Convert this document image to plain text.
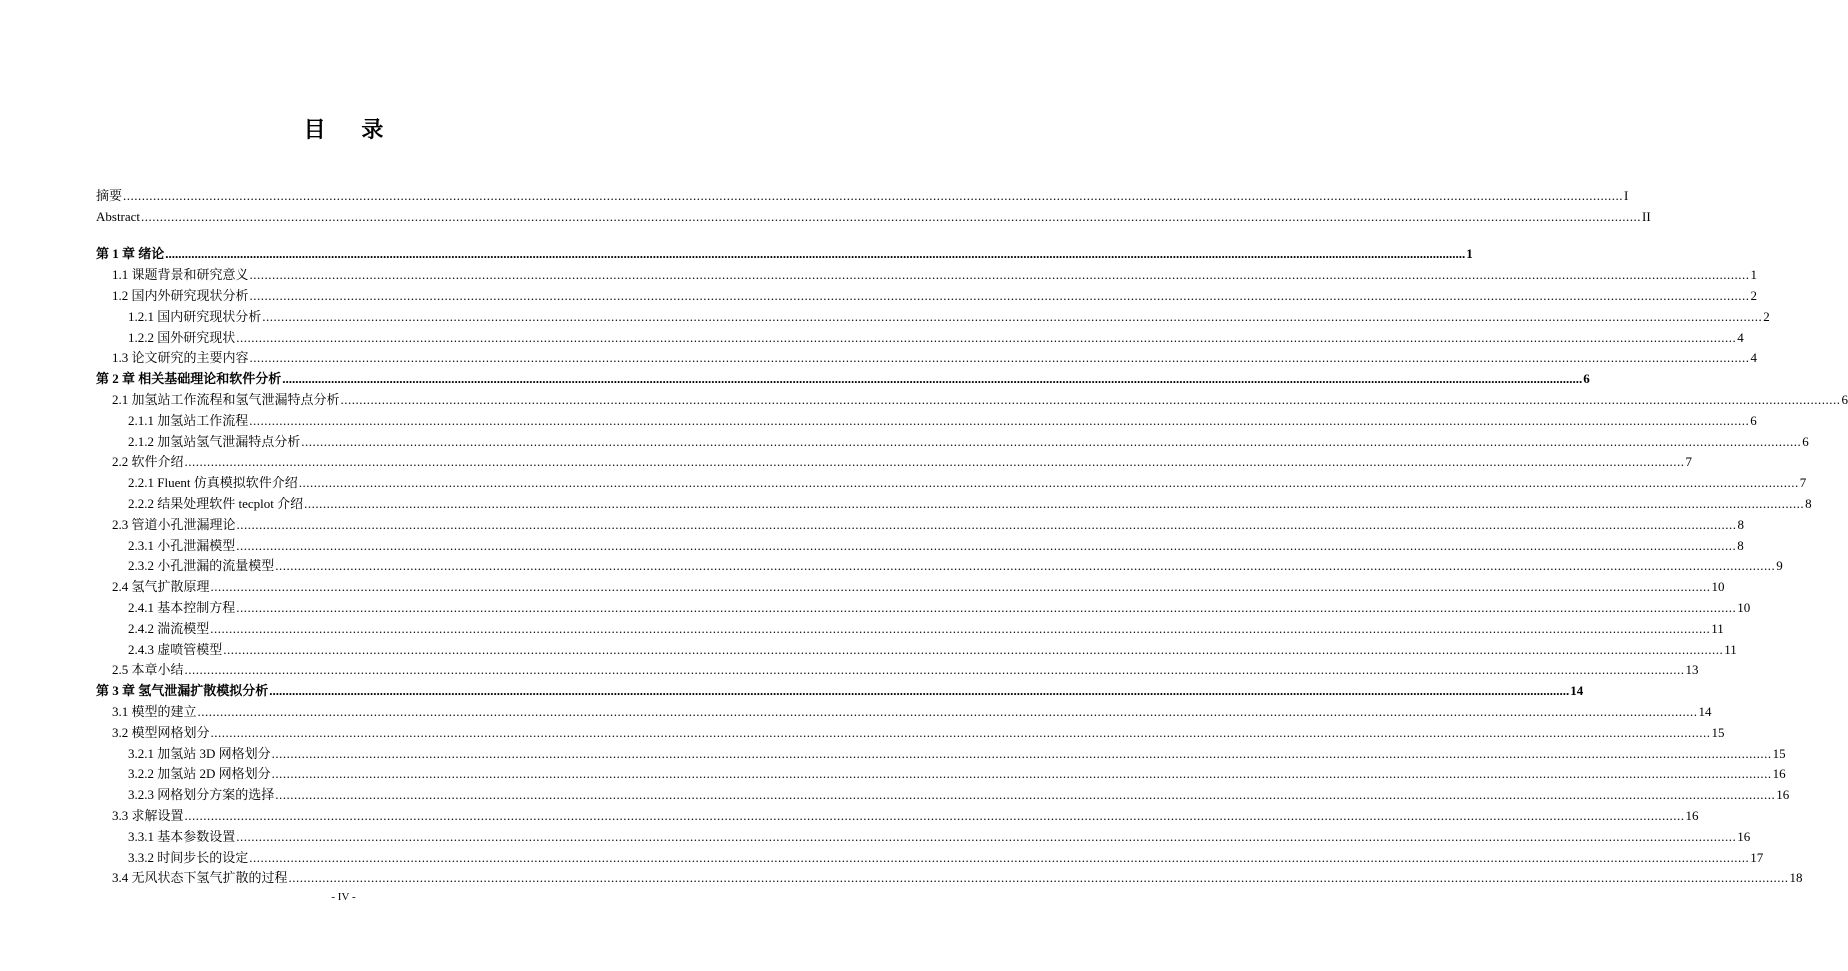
目 录
摘要 ................................................................................................................................................................................................................................................................................................................................................................................................................ I
Abstract ................................................................................................................................................................................................................................................................................................................................................................................................................ II
第 1 章 绪论 ................................................................................................................................................................................................................................................................................................................................................................................................................ 1
1.1 课题背景和研究意义 ................................................................................................................................................................................................................................................................................................................................................................................................................ 1
1.2 国内外研究现状分析 ................................................................................................................................................................................................................................................................................................................................................................................................................ 2
1.2.1 国内研究现状分析 ................................................................................................................................................................................................................................................................................................................................................................................................................ 2
1.2.2 国外研究现状 ................................................................................................................................................................................................................................................................................................................................................................................................................ 4
1.3 论文研究的主要内容 ................................................................................................................................................................................................................................................................................................................................................................................................................ 4
第 2 章 相关基础理论和软件分析 ................................................................................................................................................................................................................................................................................................................................................................................................................ 6
2.1 加氢站工作流程和氢气泄漏特点分析 ................................................................................................................................................................................................................................................................................................................................................................................................................ 6
2.1.1 加氢站工作流程 ................................................................................................................................................................................................................................................................................................................................................................................................................ 6
2.1.2 加氢站氢气泄漏特点分析 ................................................................................................................................................................................................................................................................................................................................................................................................................ 6
2.2 软件介绍 ................................................................................................................................................................................................................................................................................................................................................................................................................ 7
2.2.1 Fluent 仿真模拟软件介绍 ................................................................................................................................................................................................................................................................................................................................................................................................................ 7
2.2.2 结果处理软件 tecplot 介绍 ................................................................................................................................................................................................................................................................................................................................................................................................................ 8
2.3 管道小孔泄漏理论 ................................................................................................................................................................................................................................................................................................................................................................................................................ 8
2.3.1 小孔泄漏模型 ................................................................................................................................................................................................................................................................................................................................................................................................................ 8
2.3.2 小孔泄漏的流量模型 ................................................................................................................................................................................................................................................................................................................................................................................................................ 9
2.4 氢气扩散原理 ................................................................................................................................................................................................................................................................................................................................................................................................................ 10
2.4.1 基本控制方程 ................................................................................................................................................................................................................................................................................................................................................................................................................ 10
2.4.2 湍流模型 ................................................................................................................................................................................................................................................................................................................................................................................................................ 11
2.4.3 虚喷管模型 ................................................................................................................................................................................................................................................................................................................................................................................................................ 11
2.5 本章小结 ................................................................................................................................................................................................................................................................................................................................................................................................................ 13
第 3 章 氢气泄漏扩散模拟分析 ................................................................................................................................................................................................................................................................................................................................................................................................................ 14
3.1 模型的建立 ................................................................................................................................................................................................................................................................................................................................................................................................................ 14
3.2 模型网格划分 ................................................................................................................................................................................................................................................................................................................................................................................................................ 15
3.2.1 加氢站 3D 网格划分 ................................................................................................................................................................................................................................................................................................................................................................................................................ 15
3.2.2 加氢站 2D 网格划分 ................................................................................................................................................................................................................................................................................................................................................................................................................ 16
3.2.3 网格划分方案的选择 ................................................................................................................................................................................................................................................................................................................................................................................................................ 16
3.3 求解设置 ................................................................................................................................................................................................................................................................................................................................................................................................................ 16
3.3.1 基本参数设置 ................................................................................................................................................................................................................................................................................................................................................................................................................ 16
3.3.2 时间步长的设定 ................................................................................................................................................................................................................................................................................................................................................................................................................ 17
3.4 无风状态下氢气扩散的过程 ................................................................................................................................................................................................................................................................................................................................................................................................................ 18
- IV -
